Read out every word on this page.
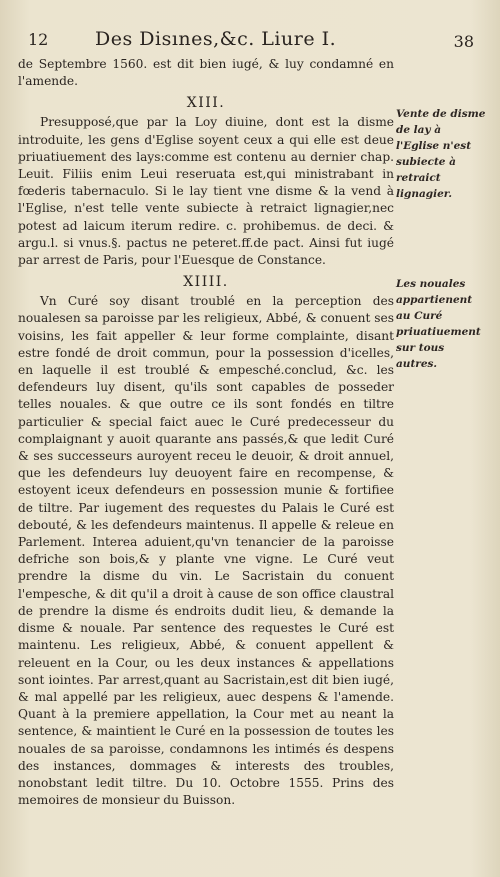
12 Des Disınes,&c. Liure I.	38

de Septembre 1560. est dit bien iugé, & luy condamné en l'amende.

XIII.

Presupposé,que par la Loy diuine, dont est la disme introduite, les gens d'Eglise soyent ceux a qui elle est deue priuatiuement des lays:comme est contenu au dernier chap. Leuit. Filiis enim Leui reseruata est,qui ministrabant in fœderis tabernaculo. Si le lay tient vne disme & la vend à l'Eglise, n'est telle vente subiecte à retraict lignagier,nec potest ad laicum iterum redire. c. prohibemus. de deci. & argu.l. si vnus.§. pactus ne peteret.ff.de pact. Ainsi fut iugé par arrest de Paris, pour l'Euesque de Constance.

XIIII.

Vn Curé soy disant troublé en la perception des noualesen sa paroisse par les religieux, Abbé, & conuent ses voisins, les fait appeller & leur forme complainte, disant estre fondé de droit commun, pour la possession d'icelles, en laquelle il est troublé & empesché.conclud, &c. les defendeurs luy disent, qu'ils sont capables de posseder telles nouales. & que outre ce ils sont fondés en tiltre particulier & special faict auec le Curé predecesseur du complaignant y auoit quarante ans passés,& que ledit Curé & ses successeurs auroyent receu le deuoir, & droit annuel, que les defendeurs luy deuoyent faire en recompense, & estoyent iceux defendeurs en possession munie & fortifiee de tiltre. Par iugement des requestes du Palais le Curé est debouté, & les defendeurs maintenus. Il appelle & releue en Parlement. Interea aduient,qu'vn tenancier de la paroisse defriche son bois,& y plante vne vigne. Le Curé veut prendre la disme du vin. Le Sacristain du conuent l'empesche, & dit qu'il a droit à cause de son office claustral de prendre la disme és endroits dudit lieu, & demande la disme & nouale. Par sentence des requestes le Curé est maintenu. Les religieux, Abbé, & conuent appellent & releuent en la Cour, ou les deux instances & appellations sont iointes. Par arrest,quant au Sacristain,est dit bien iugé, & mal appellé par les religieux, auec despens & l'amende. Quant à la premiere appellation, la Cour met au neant la sentence, & maintient le Curé en la possession de toutes les nouales de sa paroisse, condamnons les intimés és despens des instances, dommages & interests des troubles, nonobstant ledit tiltre. Du 10. Octobre 1555. Prins des memoires de monsieur du Buisson.

Vente de disme de lay à l'Eglise n'est subiecte à retraict lignagier.
Les nouales appartienent au Curé priuatiuement sur tous autres.
